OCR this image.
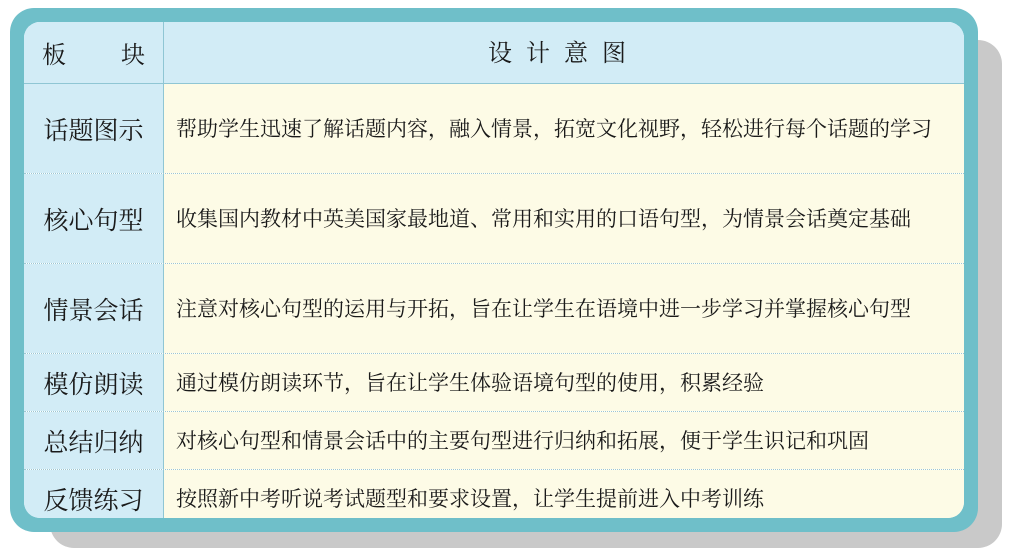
板 块	设计意图
话题图示	帮助学生迅速了解话题内容，融入情景，拓宽文化视野，轻松进行每个话题的学习
核心句型	收集国内教材中英美国家最地道、常用和实用的口语句型，为情景会话奠定基础
情景会话	注意对核心句型的运用与开拓，旨在让学生在语境中进一步学习并掌握核心句型
模仿朗读	通过模仿朗读环节，旨在让学生体验语境句型的使用，积累经验
总结归纳	对核心句型和情景会话中的主要句型进行归纳和拓展，便于学生识记和巩固
反馈练习	按照新中考听说考试题型和要求设置，让学生提前进入中考训练
